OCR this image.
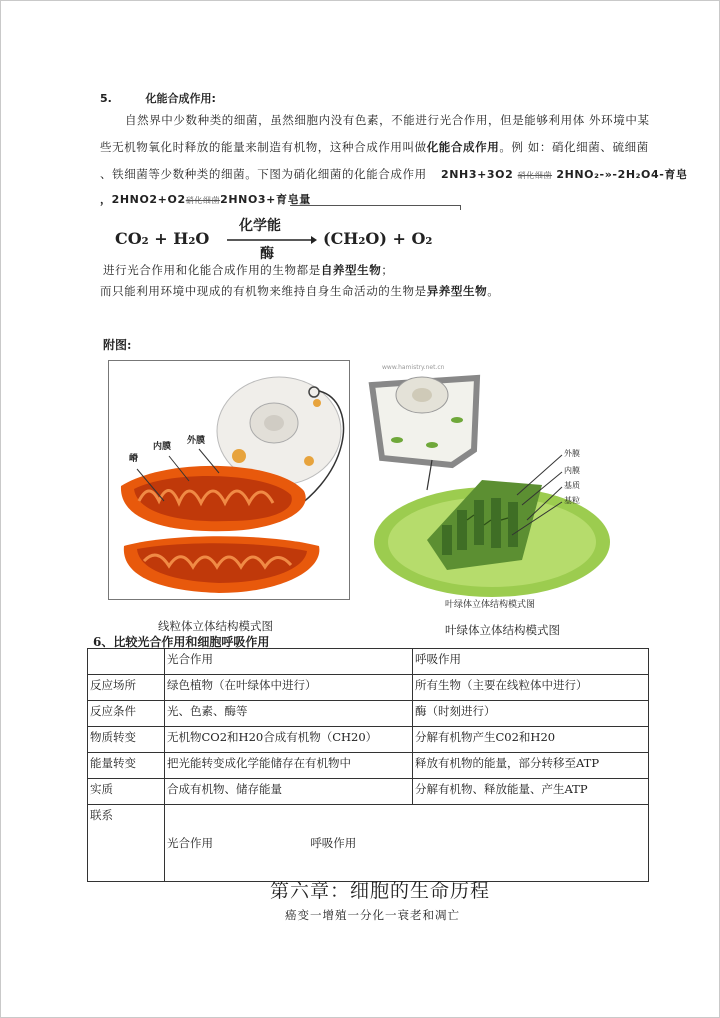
5.	化能合成作用:
自然界中少数种类的细菌，虽然细胞内没有色素，不能进行光合作用，但是能够利用体 外环境中某
些无机物氧化时释放的能量来制造有机物，这种合成作用叫做化能合成作用。例 如：硝化细菌、硫细菌
、铁细菌等少数种类的细菌。下图为硝化细菌的化能合成作用 2NH3+3O2 硝化细菌 2HNO₂-»-2H₂O4-育皂
，2HNO2+O2硝化细菌2HNO3+育皂量
CO₂ + H₂O
化学能
酶
(CH₂O) + O₂
进行光合作用和化能合成作用的生物都是自养型生物；
而只能利用环境中现成的有机物来维持自身生命活动的生物是异养型生物。
附图:
嵴
内膜
外膜
www.hamistry.net.cn
外膜
内膜
基质
基粒
叶绿体立体结构模式图
线粒体立体结构模式图	叶绿体立体结构模式图
6、比较光合作用和细胞呼吸作用
	光合作用	呼吸作用
反应场所	绿色植物（在叶绿体中进行）	所有生物（主要在线粒体中进行）
反应条件	光、色素、酶等	酶（时刻进行）
物质转变	无机物CO2和H20合成有机物（CH20）	分解有机物产生C02和H20
能量转变	把光能转变成化学能储存在有机物中	释放有机物的能量，部分转移至ATP
实质	合成有机物、储存能量	分解有机物、释放能量、产生ATP
联系	光合作用 呼吸作用	
第六章：细胞的生命历程
癌变一增殖一分化一衰老和凋亡
